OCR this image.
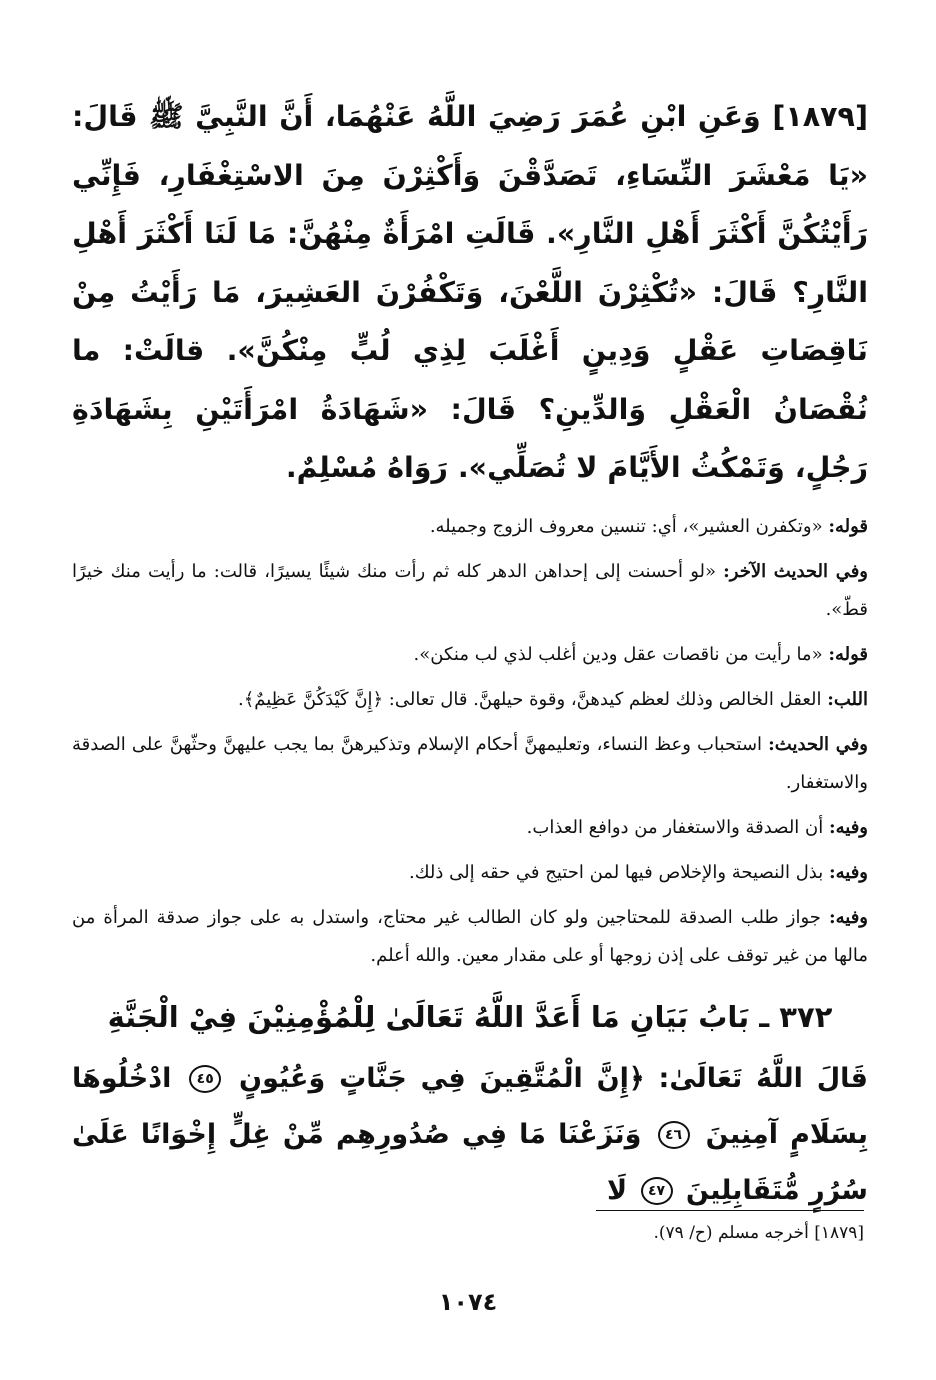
[١٨٧٩] وَعَنِ ابْنِ عُمَرَ رَضِيَ اللَّهُ عَنْهُمَا، أَنَّ النَّبِيَّ ﷺ قَالَ: «يَا مَعْشَرَ النِّسَاءِ، تَصَدَّقْنَ وَأَكْثِرْنَ مِنَ الاسْتِغْفَارِ، فَإِنِّي رَأَيْتُكُنَّ أَكْثَرَ أَهْلِ النَّارِ». قَالَتِ امْرَأَةٌ مِنْهُنَّ: مَا لَنَا أَكْثَرَ أَهْلِ النَّارِ؟ قَالَ: «تُكْثِرْنَ اللَّعْنَ، وَتَكْفُرْنَ العَشِيرَ، مَا رَأَيْتُ مِنْ نَاقِصَاتِ عَقْلٍ وَدِينٍ أَغْلَبَ لِذِي لُبٍّ مِنْكُنَّ». قالَتْ: ما نُقْصَانُ الْعَقْلِ وَالدِّينِ؟ قَالَ: «شَهَادَةُ امْرَأَتَيْنِ بِشَهَادَةِ رَجُلٍ، وَتَمْكُثُ الأَيَّامَ لا تُصَلِّي». رَوَاهُ مُسْلِمٌ.

قوله: «وتكفرن العشير»، أي: تنسين معروف الزوج وجميله.

وفي الحديث الآخر: «لو أحسنت إلى إحداهن الدهر كله ثم رأت منك شيئًا يسيرًا، قالت: ما رأيت منك خيرًا قطّ».

قوله: «ما رأيت من ناقصات عقل ودين أغلب لذي لب منكن».

اللب: العقل الخالص وذلك لعظم كيدهنَّ، وقوة حيلهنَّ. قال تعالى: ﴿إِنَّ كَيْدَكُنَّ عَظِيمٌ﴾.

وفي الحديث: استحباب وعظ النساء، وتعليمهنَّ أحكام الإسلام وتذكيرهنَّ بما يجب عليهنَّ وحثّهنَّ على الصدقة والاستغفار.

وفيه: أن الصدقة والاستغفار من دوافع العذاب.

وفيه: بذل النصيحة والإخلاص فيها لمن احتيج في حقه إلى ذلك.

وفيه: جواز طلب الصدقة للمحتاجين ولو كان الطالب غير محتاج، واستدل به على جواز صدقة المرأة من مالها من غير توقف على إذن زوجها أو على مقدار معين. والله أعلم.

٣٧٢ ـ بَابُ بَيَانِ مَا أَعَدَّ اللَّهُ تَعَالَىٰ لِلْمُؤْمِنِيْنَ فِيْ الْجَنَّةِ

قَالَ اللَّهُ تَعَالَىٰ: ﴿إِنَّ الْمُتَّقِينَ فِي جَنَّاتٍ وَعُيُونٍ ٤٥ ادْخُلُوهَا بِسَلَامٍ آمِنِينَ ٤٦ وَنَزَعْنَا مَا فِي صُدُورِهِم مِّنْ غِلٍّ إِخْوَانًا عَلَىٰ سُرُرٍ مُّتَقَابِلِينَ ٤٧ لَا

[١٨٧٩] أخرجه مسلم (ح/ ٧٩).
١٠٧٤
